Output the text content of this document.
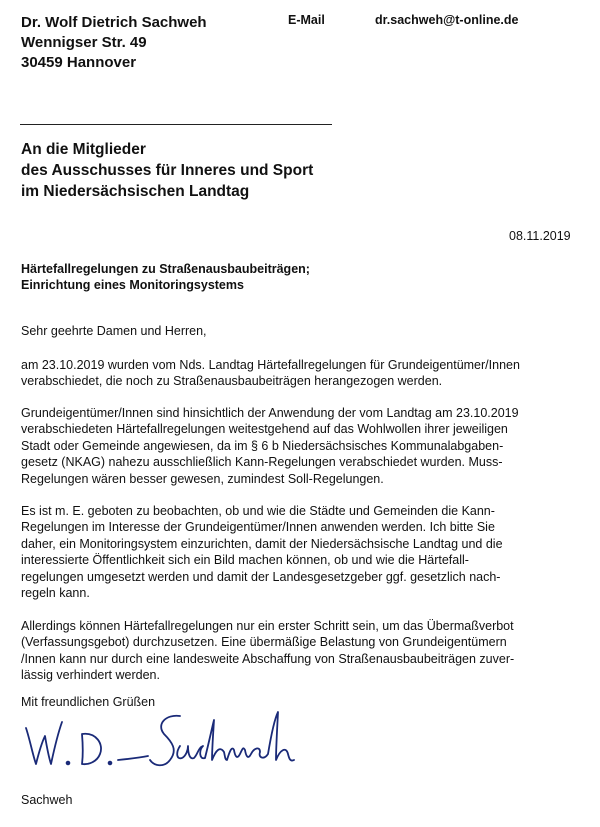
Dr. Wolf Dietrich Sachweh
Wennigser Str. 49
30459 Hannover
E-Mail	dr.sachweh@t-online.de
An die Mitglieder
des Ausschusses für Inneres und Sport
im Niedersächsischen Landtag
08.11.2019
Härtefallregelungen zu Straßenausbaubeiträgen;
Einrichtung eines Monitoringsystems
Sehr geehrte Damen und Herren,
am 23.10.2019 wurden vom Nds. Landtag Härtefallregelungen für Grundeigentümer/Innen
verabschiedet, die noch zu Straßenausbaubeiträgen herangezogen werden.
Grundeigentümer/Innen sind hinsichtlich der Anwendung der vom Landtag am 23.10.2019
verabschiedeten Härtefallregelungen weitestgehend auf das Wohlwollen ihrer jeweiligen
Stadt oder Gemeinde angewiesen, da im § 6 b Niedersächsisches Kommunalabgaben-
gesetz (NKAG) nahezu ausschließlich Kann-Regelungen verabschiedet wurden. Muss-
Regelungen wären besser gewesen, zumindest Soll-Regelungen.
Es ist m. E. geboten zu beobachten, ob und wie die Städte und Gemeinden die Kann-
Regelungen im Interesse der Grundeigentümer/Innen anwenden werden. Ich bitte Sie
daher, ein Monitoringsystem einzurichten, damit der Niedersächsische Landtag und die
interessierte Öffentlichkeit sich ein Bild machen können, ob und wie die Härtefall-
regelungen umgesetzt werden und damit der Landesgesetzgeber ggf. gesetzlich nach-
regeln kann.
Allerdings können Härtefallregelungen nur ein erster Schritt sein, um das Übermaßverbot
(Verfassungsgebot) durchzusetzen. Eine übermäßige Belastung von Grundeigentümern
/Innen kann nur durch eine landesweite Abschaffung von Straßenausbaubeiträgen zuver-
lässig verhindert werden.
Mit freundlichen Grüßen
Sachweh
